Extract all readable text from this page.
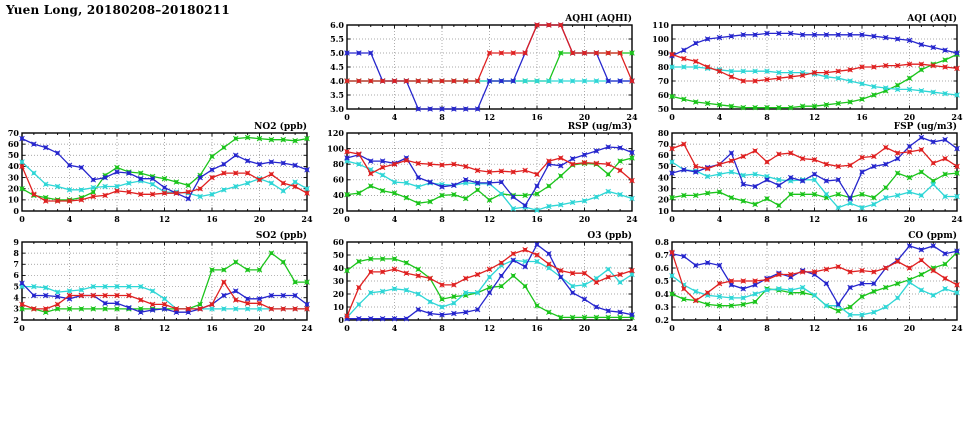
Yuen Long, 20180208–20180211
3.0
3.5
4.0
4.5
5.0
5.5
6.0
0	4	8	12	16	20	24
AQHI (AQHI)
50
60
70
80
90
100
110
0	4	8	12	16	20	24
AQI (AQI)
0
10
20
30
40
50
60
70
0	4	8	12	16	20	24
NO2 (ppb)
20
40
60
80
100
120
0	4	8	12	16	20	24
RSP (ug/m3)
10
20
30
40
50
60
70
80
0	4	8	12	16	20	24
FSP (ug/m3)
2
3
4
5
6
7
8
9
0	4	8	12	16	20	24
SO2 (ppb)
0
10
20
30
40
50
60
0	4	8	12	16	20	24
O3 (ppb)
0.2
0.3
0.4
0.5
0.6
0.7
0.8
0	4	8	12	16	20	24
CO (ppm)
